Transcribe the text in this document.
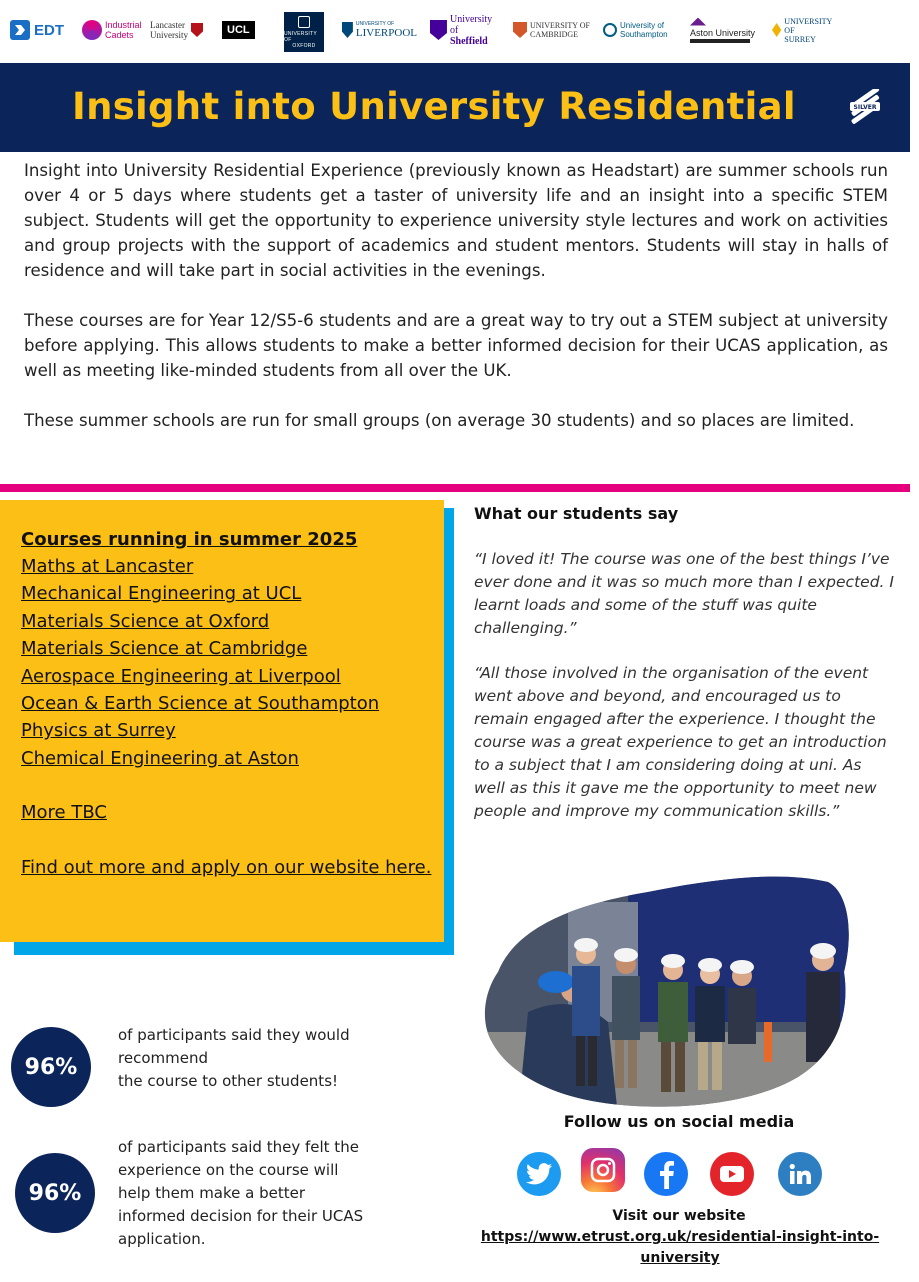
EDT	Industrial
Cadets
Lancaster
University	UCL	UNIVERSITY OF
OXFORD
UNIVERSITY OF
LIVERPOOL
University of
Sheffield
UNIVERSITY OF
CAMBRIDGE
University of
Southampton Aston University
UNIVERSITY OF
SURREY
Insight into University Residential	SILVER

Insight into University Residential Experience (previously known as Headstart) are summer schools run over 4 or 5 days where students get a taster of university life and an insight into a specific STEM subject. Students will get the opportunity to experience university style lectures and work on activities and group projects with the support of academics and student mentors. Students will stay in halls of residence and will take part in social activities in the evenings.

These courses are for Year 12/S5-6 students and are a great way to try out a STEM subject at university before applying. This allows students to make a better informed decision for their UCAS application, as well as meeting like-minded students from all over the UK.

These summer schools are run for small groups (on average 30 students) and so places are limited.

Courses running in summer 2025
Maths at Lancaster
Mechanical Engineering at UCL
Materials Science at Oxford
Materials Science at Cambridge
Aerospace Engineering at Liverpool
Ocean & Earth Science at Southampton
Physics at Surrey
Chemical Engineering at Aston
More TBC
Find out more and apply on our website here.
What our students say

“I loved it! The course was one of the best things I’ve ever done and it was so much more than I expected. I learnt loads and some of the stuff was quite challenging.”

“All those involved in the organisation of the event went above and beyond, and encouraged us to remain engaged after the experience. I thought the course was a great experience to get an introduction to a subject that I am considering doing at uni. As well as this it gave me the opportunity to meet new people and improve my communication skills.”

96%
of participants said they would
recommend
the course to other students!
96%
of participants said they felt the
experience on the course will
help them make a better
informed decision for their UCAS
application.
Follow us on social media
Visit our website
https://www.etrust.org.uk/residential-insight-into-university
